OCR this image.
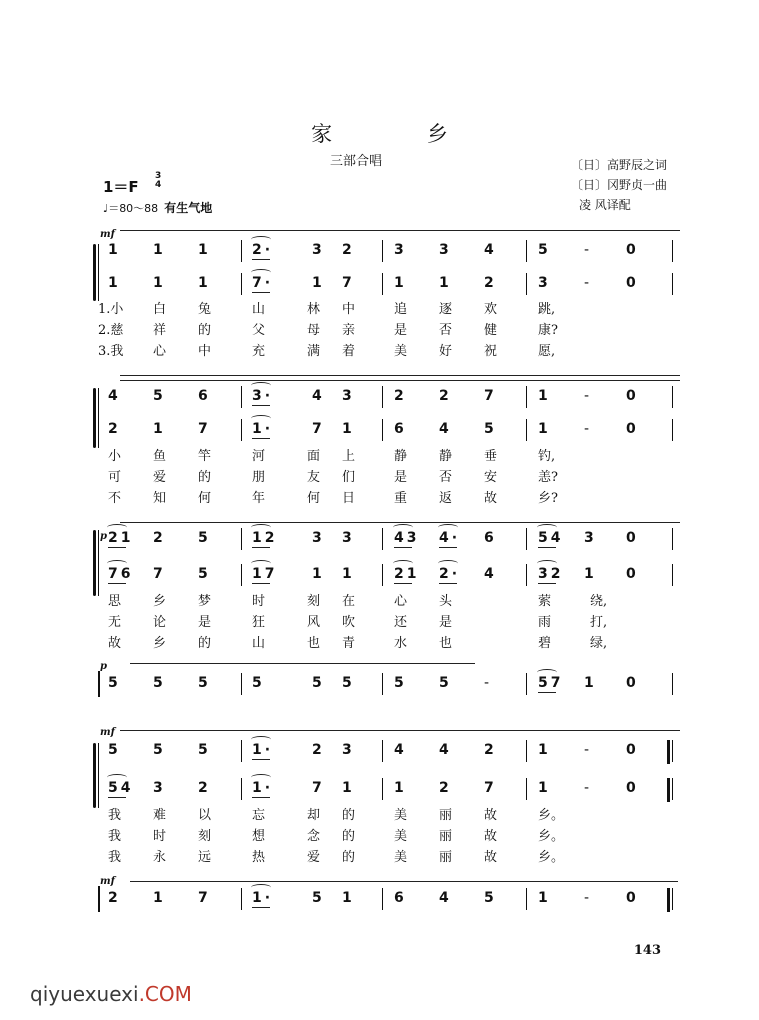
家 乡
三部合唱	〔日〕高野辰之词
〔日〕冈野贞一曲
凌 风译配
1＝F
3
4
♩＝80～88 有生气地
mf
1	1	1	2·	3 2	3	3	4	5	-	0
1	1	1	7·	1 7	1	1	2	3	-	0
1.小 白 兔	山	林 中	追 逐 欢	跳,
2.慈 祥 的	父	母 亲	是 否 健	康?
3.我 心 中	充	满 着	美 好 祝	愿,
4	5	6	3·	4 3	2	2	7	1	-	0
2	1	7	1·	7 1	6	4	5	1	-	0
小 鱼 竿	河	面 上	静 静 垂	钓,
可 爱 的	朋	友 们	是 否 安	恙?
不 知 何	年	何 日	重 返 故	乡?
p 21 2	5	12 3 3	43 4· 6	54 3 0
76 7	5	17 1 1	21 2· 4	32 1 0
思 乡 梦	时	刻 在	心 头	萦	绕,
无 论 是	狂	风 吹	还 是	雨	打,
故 乡 的	山	也 青	水 也	碧	绿,
p
5	5	5	5	5 5	5	5	-	57 1 0
mf
5	5	5	1·	2 3	4	4	2	1	-	0
54 3	2	1·	7 1	1	2	7	1	-	0
我 难 以	忘	却 的	美 丽 故	乡。
我 时 刻	想	念 的	美 丽 故	乡。
我 永 远	热	爱 的	美 丽 故	乡。
mf
2	1	7	1·	5 1	6	4	5	1	-	0
143
qiyuexuexi.COM
